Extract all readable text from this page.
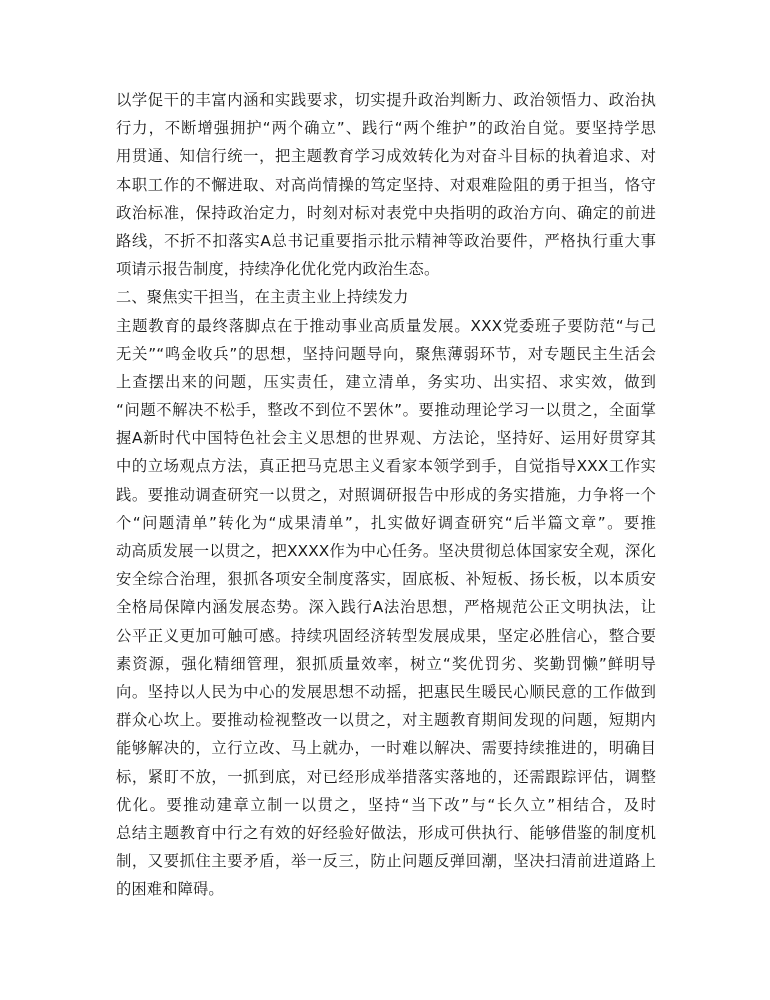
以学促干的丰富内涵和实践要求，切实提升政治判断力、政治领悟力、政治执
行力，不断增强拥护“两个确立”、践行“两个维护”的政治自觉。要坚持学思
用贯通、知信行统一，把主题教育学习成效转化为对奋斗目标的执着追求、对
本职工作的不懈进取、对高尚情操的笃定坚持、对艰难险阻的勇于担当，恪守
政治标准，保持政治定力，时刻对标对表党中央指明的政治方向、确定的前进
路线，不折不扣落实A总书记重要指示批示精神等政治要件，严格执行重大事
项请示报告制度，持续净化优化党内政治生态。
二、聚焦实干担当，在主责主业上持续发力
主题教育的最终落脚点在于推动事业高质量发展。XXX党委班子要防范“与己
无关”“鸣金收兵”的思想，坚持问题导向，聚焦薄弱环节，对专题民主生活会
上查摆出来的问题，压实责任，建立清单，务实功、出实招、求实效，做到
“问题不解决不松手，整改不到位不罢休”。要推动理论学习一以贯之，全面掌
握A新时代中国特色社会主义思想的世界观、方法论，坚持好、运用好贯穿其
中的立场观点方法，真正把马克思主义看家本领学到手，自觉指导XXX工作实
践。要推动调查研究一以贯之，对照调研报告中形成的务实措施，力争将一个
个“问题清单”转化为“成果清单”，扎实做好调查研究“后半篇文章”。要推
动高质发展一以贯之，把XXXX作为中心任务。坚决贯彻总体国家安全观，深化
安全综合治理，狠抓各项安全制度落实，固底板、补短板、扬长板，以本质安
全格局保障内涵发展态势。深入践行A法治思想，严格规范公正文明执法，让
公平正义更加可触可感。持续巩固经济转型发展成果，坚定必胜信心，整合要
素资源，强化精细管理，狠抓质量效率，树立“奖优罚劣、奖勤罚懒”鲜明导
向。坚持以人民为中心的发展思想不动摇，把惠民生暖民心顺民意的工作做到
群众心坎上。要推动检视整改一以贯之，对主题教育期间发现的问题，短期内
能够解决的，立行立改、马上就办，一时难以解决、需要持续推进的，明确目
标，紧盯不放，一抓到底，对已经形成举措落实落地的，还需跟踪评估，调整
优化。要推动建章立制一以贯之，坚持“当下改”与“长久立”相结合，及时
总结主题教育中行之有效的好经验好做法，形成可供执行、能够借鉴的制度机
制，又要抓住主要矛盾，举一反三，防止问题反弹回潮，坚决扫清前进道路上
的困难和障碍。
